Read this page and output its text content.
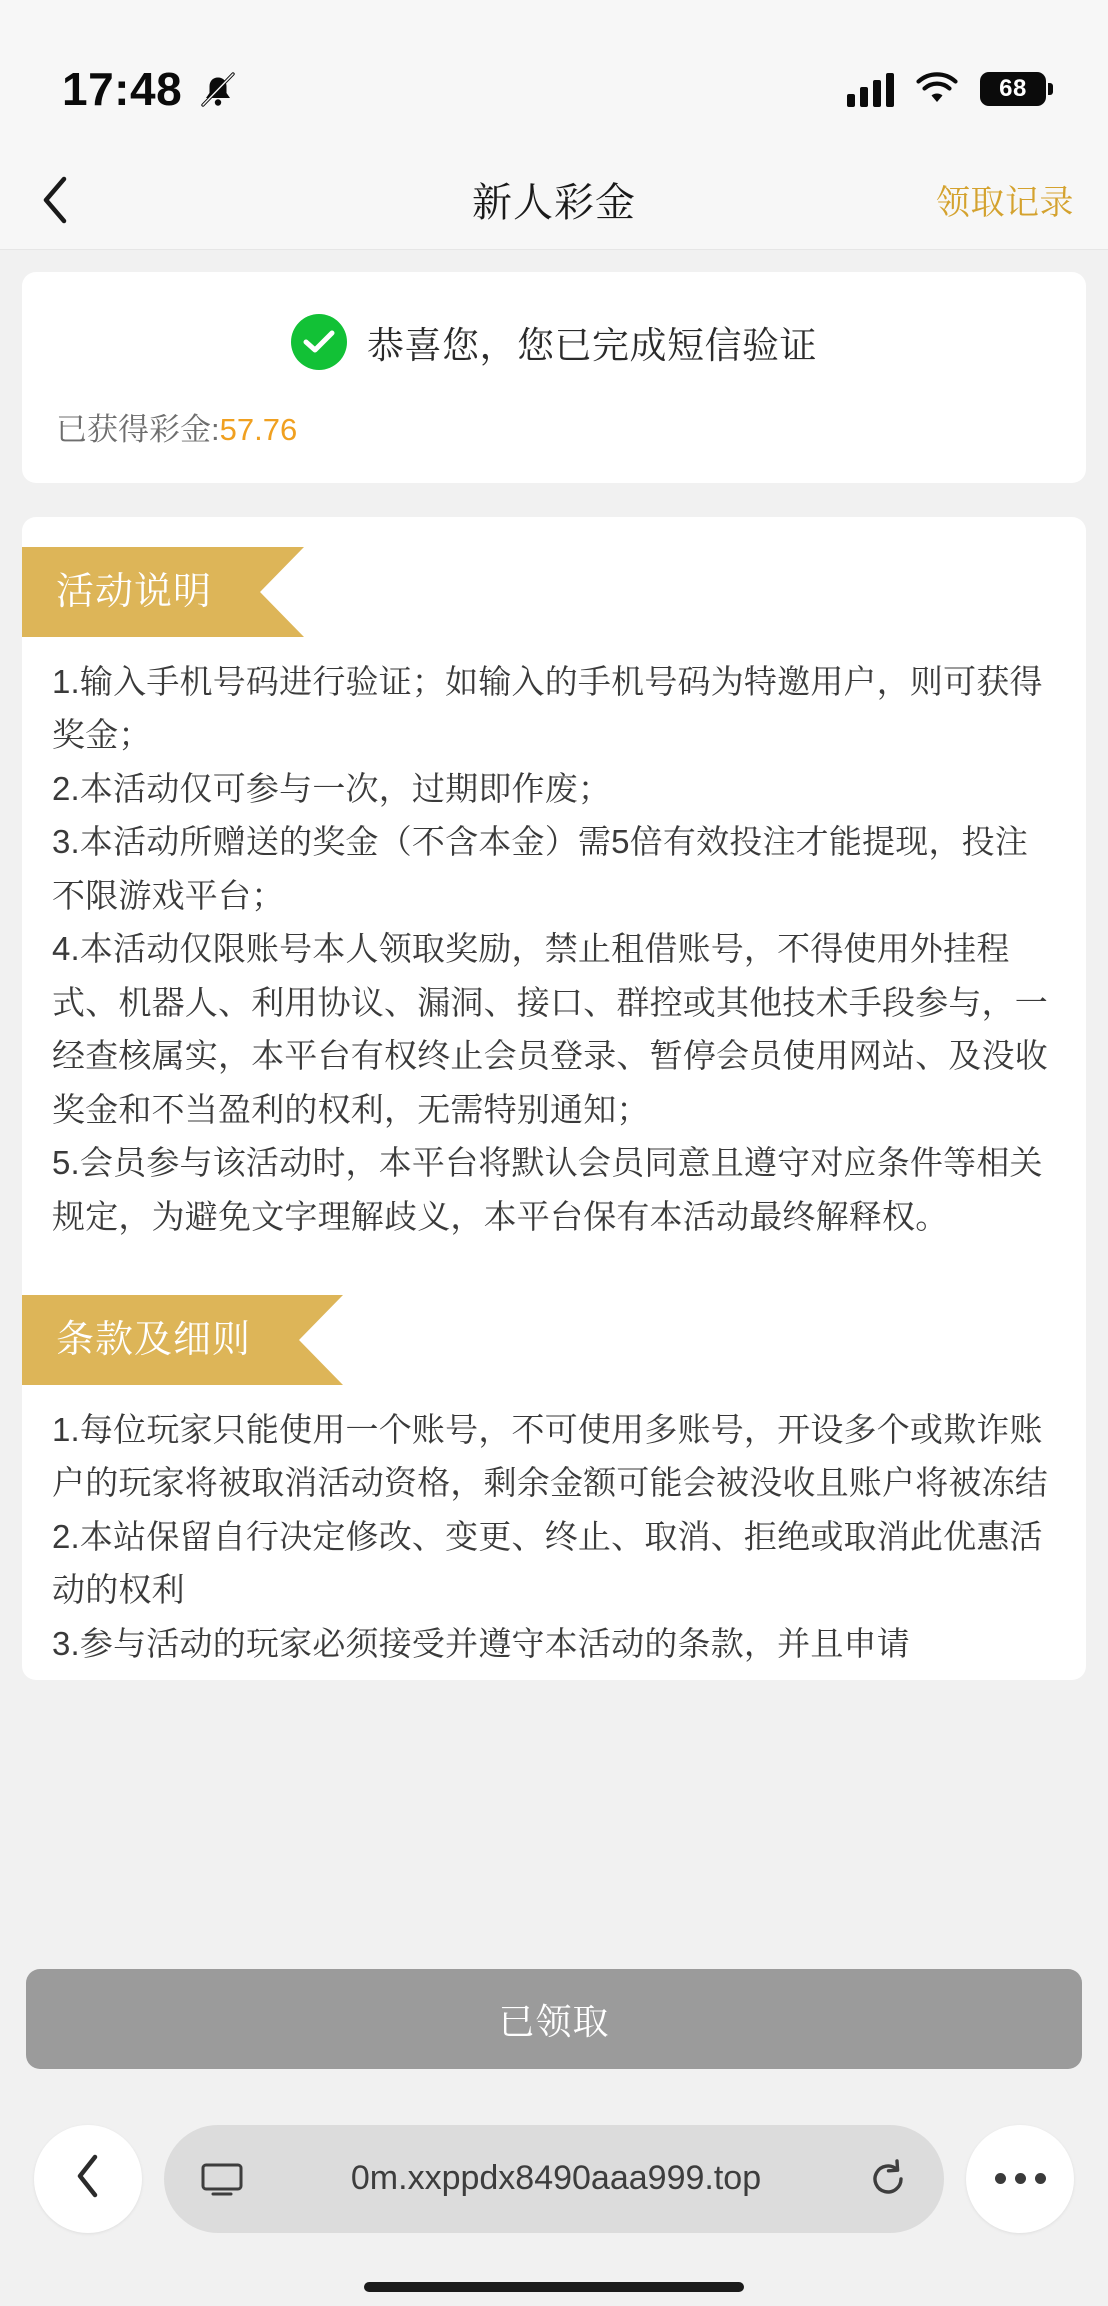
17:48	68
新人彩金	领取记录
恭喜您，您已完成短信验证
已获得彩金:57.76
活动说明

1.输入手机号码进行验证；如输入的手机号码为特邀用户，则可获得奖金；

2.本活动仅可参与一次，过期即作废；

3.本活动所赠送的奖金（不含本金）需5倍有效投注才能提现，投注不限游戏平台；

4.本活动仅限账号本人领取奖励，禁止租借账号，不得使用外挂程式、机器人、利用协议、漏洞、接口、群控或其他技术手段参与，一经查核属实，本平台有权终止会员登录、暂停会员使用网站、及没收奖金和不当盈利的权利，无需特别通知；

5.会员参与该活动时，本平台将默认会员同意且遵守对应条件等相关规定，为避免文字理解歧义，本平台保有本活动最终解释权。

条款及细则

1.每位玩家只能使用一个账号，不可使用多账号，开设多个或欺诈账户的玩家将被取消活动资格，剩余金额可能会被没收且账户将被冻结

2.本站保留自行决定修改、变更、终止、取消、拒绝或取消此优惠活动的权利

3.参与活动的玩家必须接受并遵守本活动的条款，并且申请

已领取
0m.xxppdx8490aaa999.top
